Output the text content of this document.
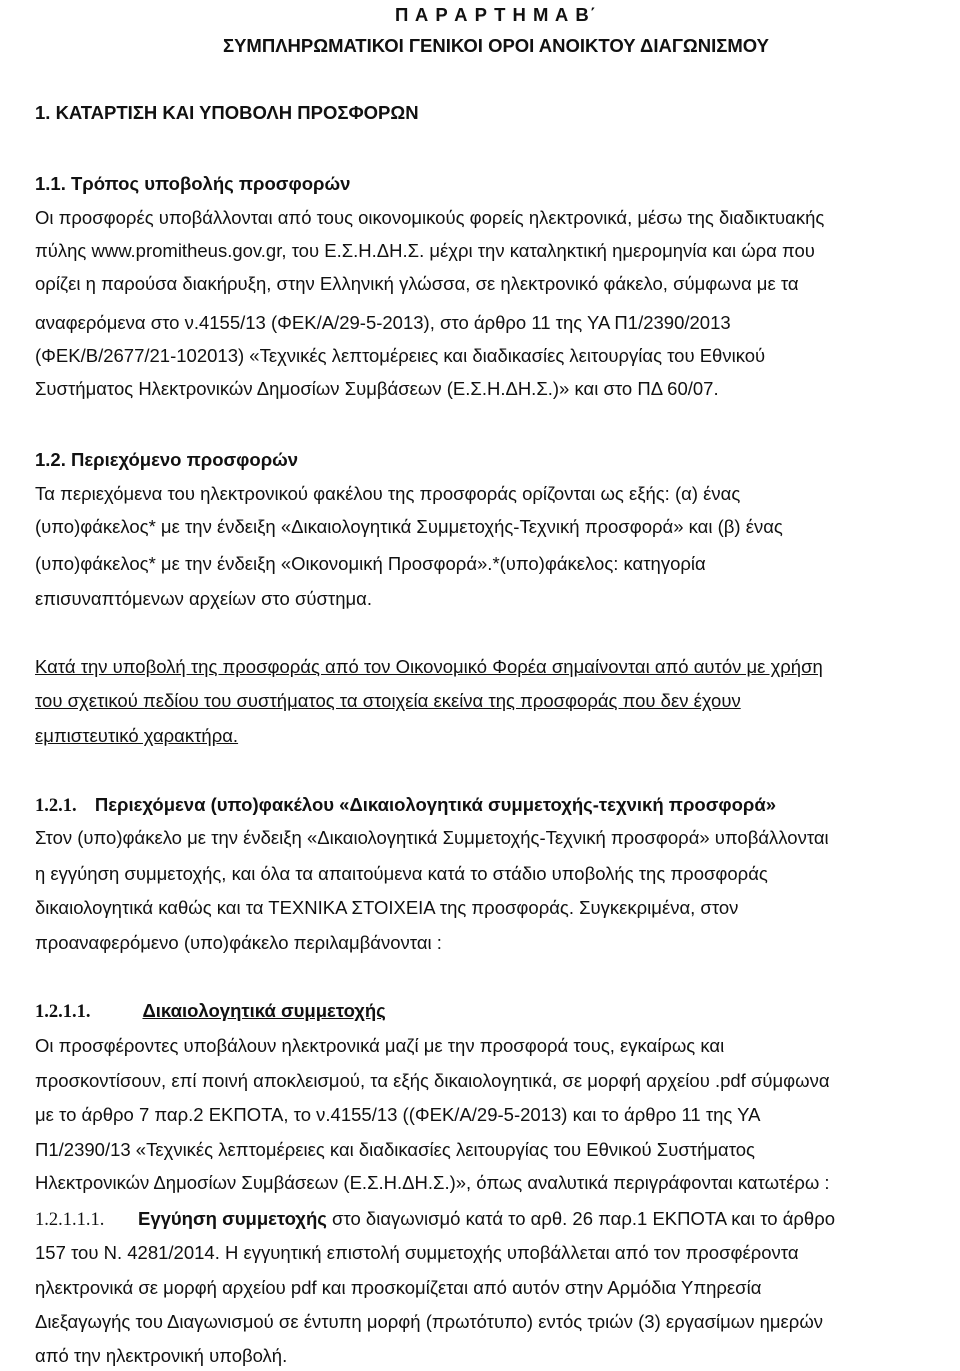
Π Α Ρ Α Ρ Τ Η Μ Α Β΄
ΣΥΜΠΛΗΡΩΜΑΤΙΚΟΙ ΓΕΝΙΚΟΙ ΟΡΟΙ ΑΝΟΙΚΤΟΥ ΔΙΑΓΩΝΙΣΜΟΥ
1. ΚΑΤΑΡΤΙΣΗ ΚΑΙ ΥΠΟΒΟΛΗ ΠΡΟΣΦΟΡΩΝ
1.1. Τρόπος υποβολής προσφορών
Οι προσφορές υποβάλλονται από τους οικονομικούς φορείς ηλεκτρονικά, μέσω της διαδικτυακής
πύλης www.promitheus.gov.gr, του Ε.Σ.Η.ΔΗ.Σ. μέχρι την καταληκτική ημερομηνία και ώρα που
ορίζει η παρούσα διακήρυξη, στην Ελληνική γλώσσα, σε ηλεκτρονικό φάκελο, σύμφωνα με τα
αναφερόμενα στο ν.4155/13 (ΦΕΚ/Α/29-5-2013), στο άρθρο 11 της ΥΑ Π1/2390/2013
(ΦΕΚ/Β/2677/21-102013) «Τεχνικές λεπτομέρειες και διαδικασίες λειτουργίας του Εθνικού
Συστήματος Ηλεκτρονικών Δημοσίων Συμβάσεων (Ε.Σ.Η.ΔΗ.Σ.)» και στο ΠΔ 60/07.
1.2. Περιεχόμενο προσφορών
Τα περιεχόμενα του ηλεκτρονικού φακέλου της προσφοράς ορίζονται ως εξής: (α) ένας
(υπο)φάκελος* με την ένδειξη «Δικαιολογητικά Συμμετοχής-Τεχνική προσφορά» και (β) ένας
(υπο)φάκελος* με την ένδειξη «Οικονομική Προσφορά».*(υπο)φάκελος: κατηγορία
επισυναπτόμενων αρχείων στο σύστημα.
Κατά την υποβολή της προσφοράς από τον Οικονομικό Φορέα σημαίνονται από αυτόν με χρήση
του σχετικού πεδίου του συστήματος τα στοιχεία εκείνα της προσφοράς που δεν έχουν
εμπιστευτικό χαρακτήρα.
1.2.1. Περιεχόμενα (υπο)φακέλου «Δικαιολογητικά συμμετοχής-τεχνική προσφορά»
Στον (υπο)φάκελο με την ένδειξη «Δικαιολογητικά Συμμετοχής-Τεχνική προσφορά» υποβάλλονται
η εγγύηση συμμετοχής, και όλα τα απαιτούμενα κατά το στάδιο υποβολής της προσφοράς
δικαιολογητικά καθώς και τα ΤΕΧΝΙΚΑ ΣΤΟΙΧΕΙΑ της προσφοράς. Συγκεκριμένα, στον
προαναφερόμενο (υπο)φάκελο περιλαμβάνονται :
1.2.1.1.	Δικαιολογητικά συμμετοχής
Οι προσφέροντες υποβάλουν ηλεκτρονικά μαζί με την προσφορά τους, εγκαίρως και
προσκοντίσουν, επί ποινή αποκλεισμού, τα εξής δικαιολογητικά, σε μορφή αρχείου .pdf σύμφωνα
με το άρθρο 7 παρ.2 ΕΚΠΟΤΑ, το ν.4155/13 ((ΦΕΚ/Α/29-5-2013) και το άρθρο 11 της ΥΑ
Π1/2390/13 «Τεχνικές λεπτομέρειες και διαδικασίες λειτουργίας του Εθνικού Συστήματος
Ηλεκτρονικών Δημοσίων Συμβάσεων (Ε.Σ.Η.ΔΗ.Σ.)», όπως αναλυτικά περιγράφονται κατωτέρω :
1.2.1.1.1. Εγγύηση συμμετοχής στο διαγωνισμό κατά το αρθ. 26 παρ.1 ΕΚΠΟΤΑ και το άρθρο
157 του Ν. 4281/2014. Η εγγυητική επιστολή συμμετοχής υποβάλλεται από τον προσφέροντα
ηλεκτρονικά σε μορφή αρχείου pdf και προσκομίζεται από αυτόν στην Αρμόδια Υπηρεσία
Διεξαγωγής του Διαγωνισμού σε έντυπη μορφή (πρωτότυπο) εντός τριών (3) εργασίμων ημερών
από την ηλεκτρονική υποβολή.
